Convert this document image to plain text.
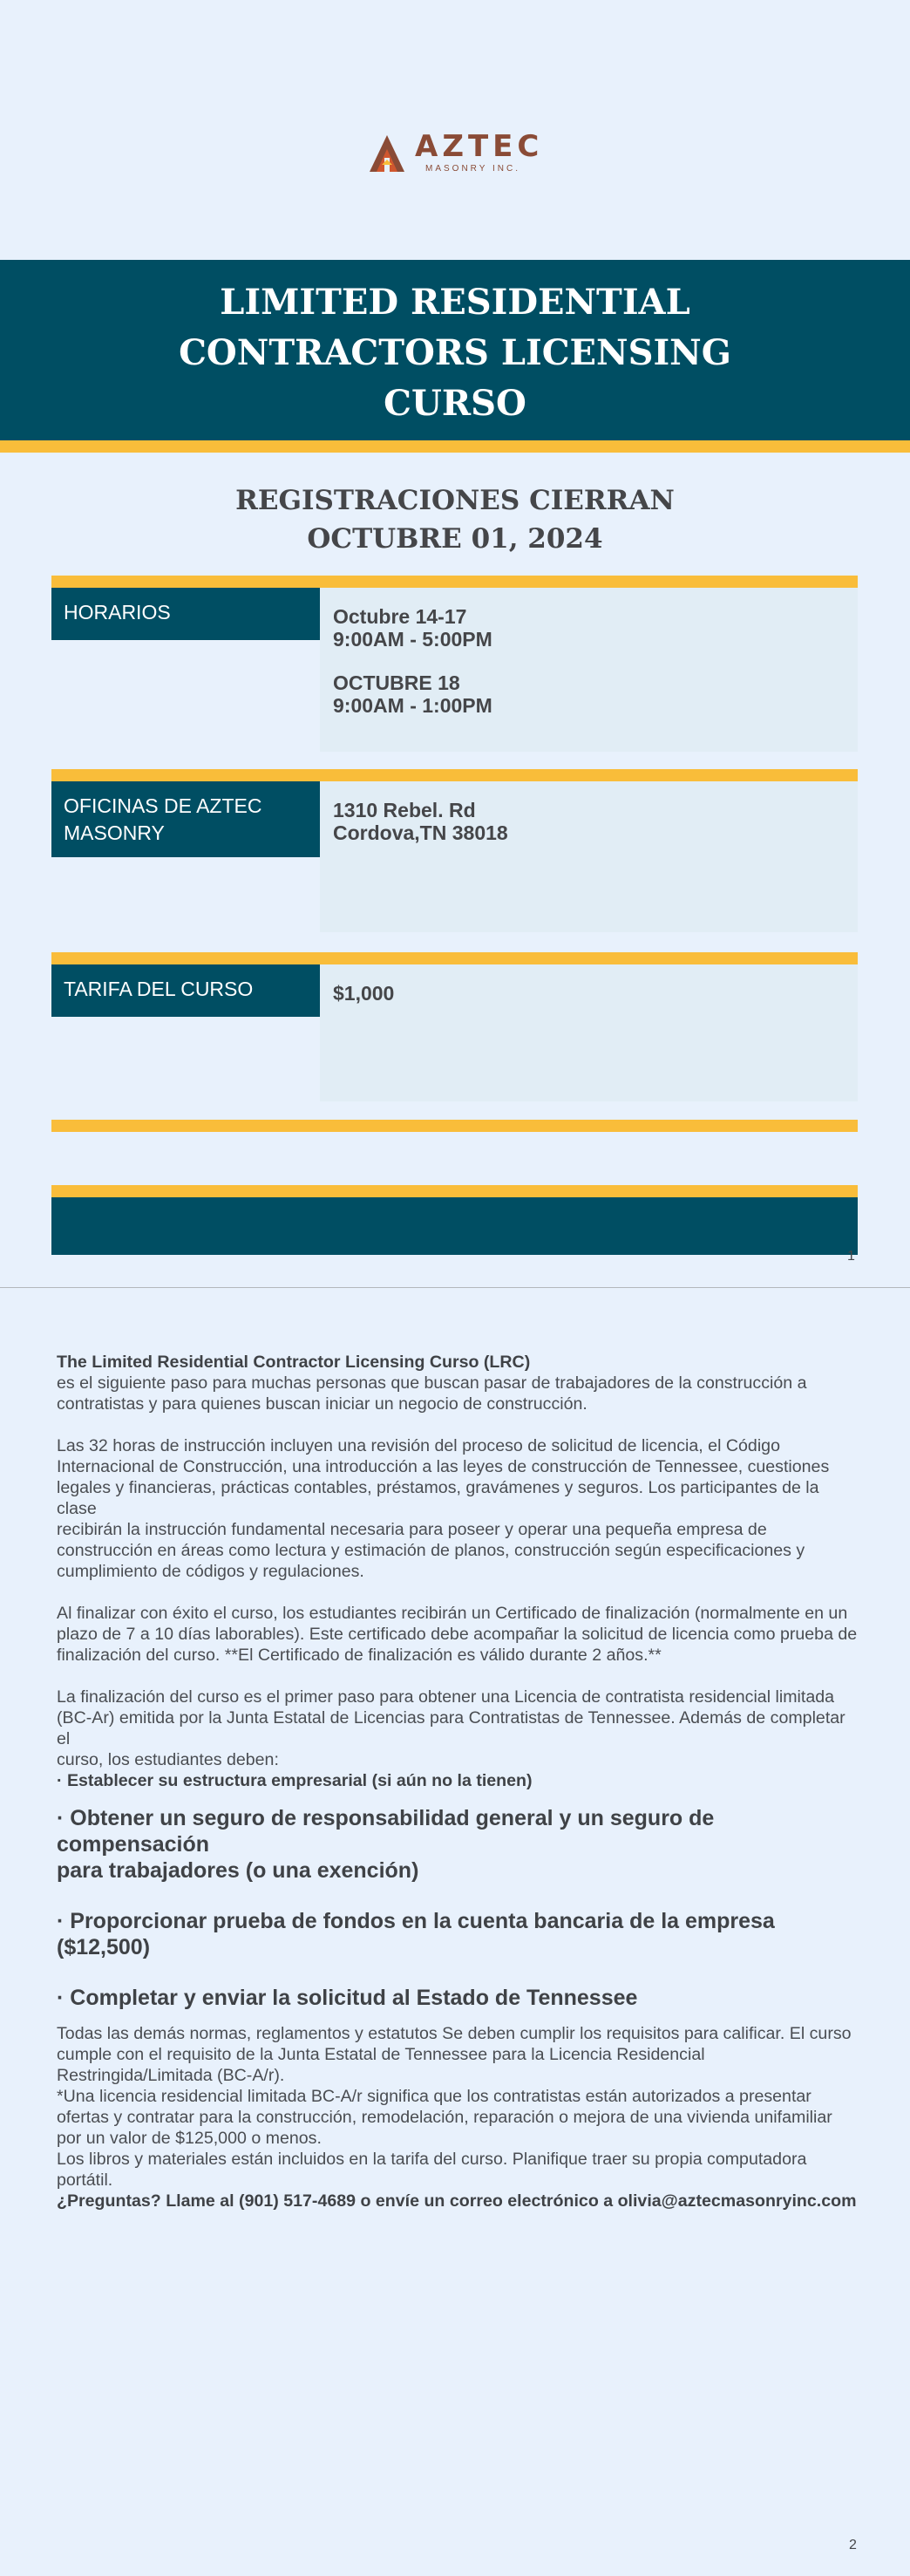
AZTEC
MASONRY INC.
LIMITED RESIDENTIAL
CONTRACTORS LICENSING
CURSO
REGISTRACIONES CIERRAN
OCTUBRE 01, 2024
HORARIOS	Octubre 14-17

9:00AM - 5:00PM

OCTUBRE 18

9:00AM - 1:00PM

OFICINAS DE AZTEC
MASONRY

1310 Rebel. Rd

Cordova,TN 38018

TARIFA DEL CURSO	$1,000

1

The Limited Residential Contractor Licensing Curso (LRC)

es el siguiente paso para muchas personas que buscan pasar de trabajadores de la construcción a

contratistas y para quienes buscan iniciar un negocio de construcción.

Las 32 horas de instrucción incluyen una revisión del proceso de solicitud de licencia, el Código

Internacional de Construcción, una introducción a las leyes de construcción de Tennessee, cuestiones

legales y financieras, prácticas contables, préstamos, gravámenes y seguros. Los participantes de la clase

recibirán la instrucción fundamental necesaria para poseer y operar una pequeña empresa de

construcción en áreas como lectura y estimación de planos, construcción según especificaciones y

cumplimiento de códigos y regulaciones.

Al finalizar con éxito el curso, los estudiantes recibirán un Certificado de finalización (normalmente en un

plazo de 7 a 10 días laborables). Este certificado debe acompañar la solicitud de licencia como prueba de

finalización del curso. **El Certificado de finalización es válido durante 2 años.**

La finalización del curso es el primer paso para obtener una Licencia de contratista residencial limitada

(BC-Ar) emitida por la Junta Estatal de Licencias para Contratistas de Tennessee. Además de completar el

curso, los estudiantes deben:

· Establecer su estructura empresarial (si aún no la tienen)

· Obtener un seguro de responsabilidad general y un seguro de compensación

para trabajadores (o una exención)

· Proporcionar prueba de fondos en la cuenta bancaria de la empresa ($12,500)

· Completar y enviar la solicitud al Estado de Tennessee

Todas las demás normas, reglamentos y estatutos Se deben cumplir los requisitos para calificar. El curso

cumple con el requisito de la Junta Estatal de Tennessee para la Licencia Residencial

Restringida/Limitada (BC-A/r).

*Una licencia residencial limitada BC-A/r significa que los contratistas están autorizados a presentar

ofertas y contratar para la construcción, remodelación, reparación o mejora de una vivienda unifamiliar

por un valor de $125,000 o menos.

Los libros y materiales están incluidos en la tarifa del curso. Planifique traer su propia computadora

portátil.

¿Preguntas? Llame al (901) 517-4689 o envíe un correo electrónico a olivia@aztecmasonryinc.com

2
